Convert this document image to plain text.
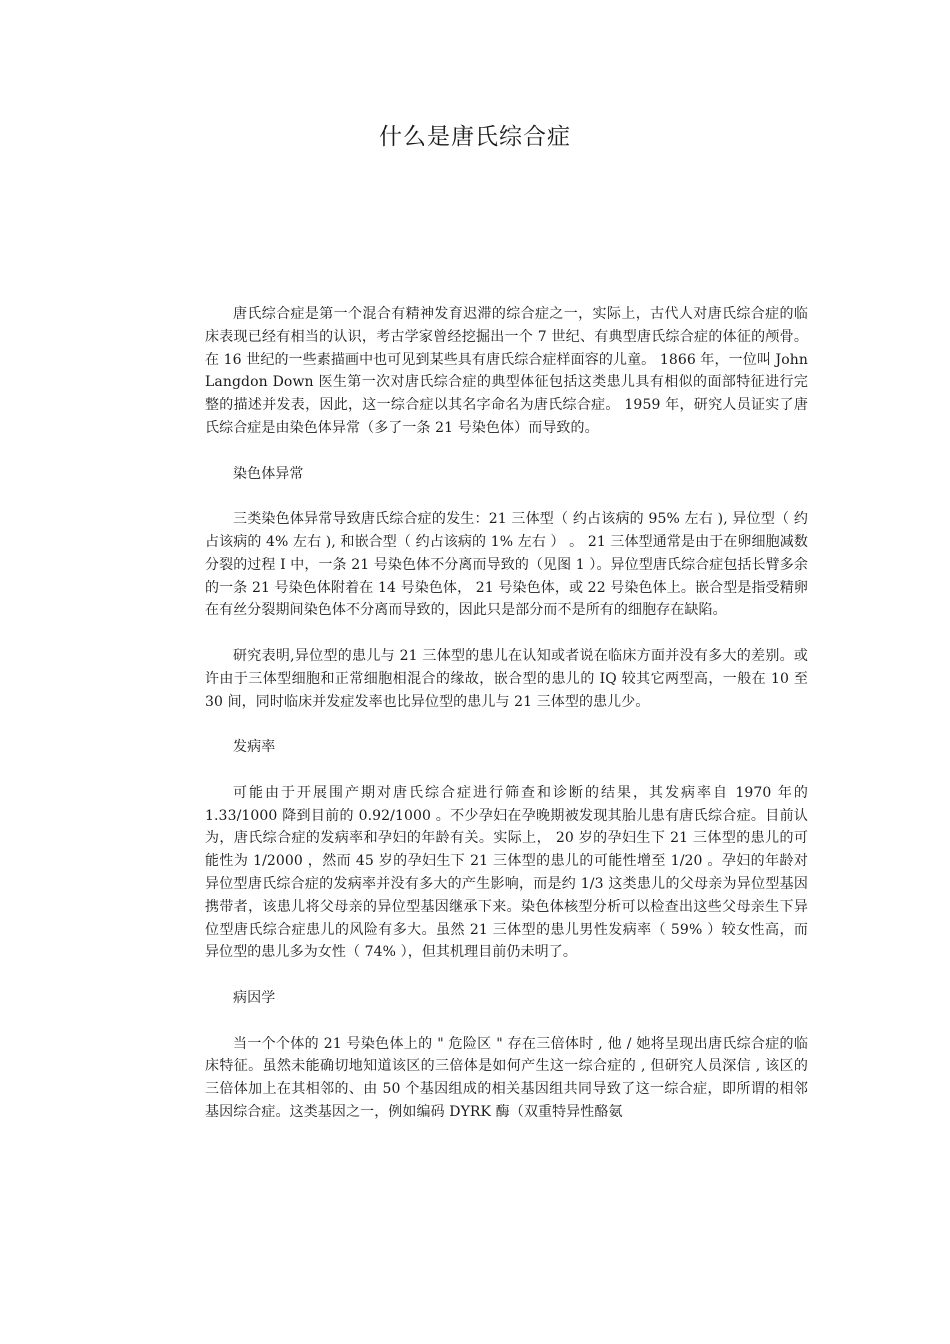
什么是唐氏综合症

唐氏综合症是第一个混合有精神发育迟滞的综合症之一，实际上，古代人对唐氏综合症的临床表现已经有相当的认识，考古学家曾经挖掘出一个 7 世纪、有典型唐氏综合症的体征的颅骨。在 16 世纪的一些素描画中也可见到某些具有唐氏综合症样面容的儿童。 1866 年，一位叫 John Langdon Down 医生第一次对唐氏综合症的典型体征包括这类患儿具有相似的面部特征进行完整的描述并发表，因此，这一综合症以其名字命名为唐氏综合症。 1959 年，研究人员证实了唐氏综合症是由染色体异常（多了一条 21 号染色体）而导致的。

染色体异常

三类染色体异常导致唐氏综合症的发生：21 三体型（ 约占该病的 95% 左右 ), 异位型（ 约占该病的 4% 左右 ), 和嵌合型（ 约占该病的 1% 左右 ） 。 21 三体型通常是由于在卵细胞减数分裂的过程 I 中，一条 21 号染色体不分离而导致的（见图 1 ）。异位型唐氏综合症包括长臂多余的一条 21 号染色体附着在 14 号染色体， 21 号染色体，或 22 号染色体上。嵌合型是指受精卵在有丝分裂期间染色体不分离而导致的，因此只是部分而不是所有的细胞存在缺陷。

研究表明,异位型的患儿与 21 三体型的患儿在认知或者说在临床方面并没有多大的差别。或许由于三体型细胞和正常细胞相混合的缘故，嵌合型的患儿的 IQ 较其它两型高，一般在 10 至 30 间，同时临床并发症发率也比异位型的患儿与 21 三体型的患儿少。

发病率

可能由于开展围产期对唐氏综合症进行筛查和诊断的结果，其发病率自 1970 年的 1.33/1000 降到目前的 0.92/1000 。不少孕妇在孕晚期被发现其胎儿患有唐氏综合症。目前认为，唐氏综合症的发病率和孕妇的年龄有关。实际上， 20 岁的孕妇生下 21 三体型的患儿的可能性为 1/2000 ，然而 45 岁的孕妇生下 21 三体型的患儿的可能性增至 1/20 。孕妇的年龄对异位型唐氏综合症的发病率并没有多大的产生影响，而是约 1/3 这类患儿的父母亲为异位型基因携带者，该患儿将父母亲的异位型基因继承下来。染色体核型分析可以检查出这些父母亲生下异位型唐氏综合症患儿的风险有多大。虽然 21 三体型的患儿男性发病率（ 59% ）较女性高，而异位型的患儿多为女性（ 74% ），但其机理目前仍未明了。

病因学

当一个个体的 21 号染色体上的 " 危险区 " 存在三倍体时 , 他 / 她将呈现出唐氏综合症的临床特征。虽然未能确切地知道该区的三倍体是如何产生这一综合症的 , 但研究人员深信 , 该区的三倍体加上在其相邻的、由 50 个基因组成的相关基因组共同导致了这一综合症，即所谓的相邻基因综合症。这类基因之一，例如编码 DYRK 酶（双重特异性酪氨
